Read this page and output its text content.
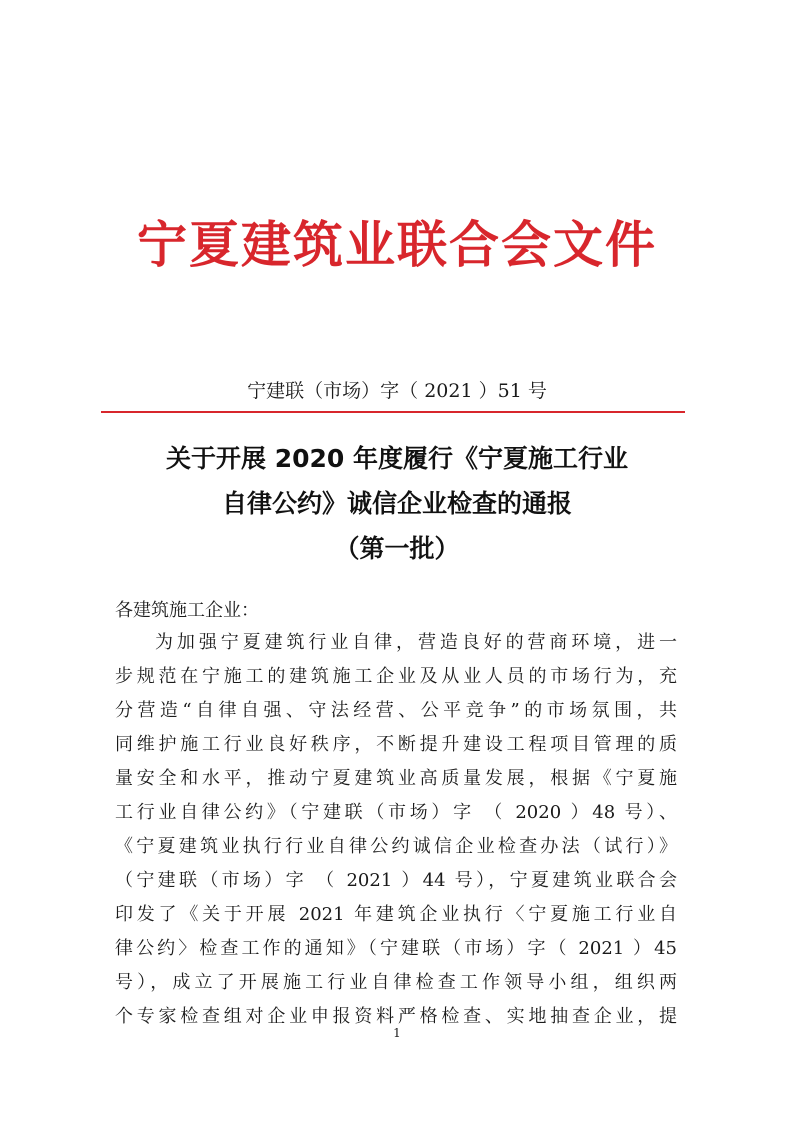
宁夏建筑业联合会文件
宁建联（市场）字（ 2021 ）51 号
关于开展 2020 年度履行《宁夏施工行业
自律公约》诚信企业检查的通报
（第一批）
各建筑施工企业：
为加强宁夏建筑行业自律，营造良好的营商环境，进一
步规范在宁施工的建筑施工企业及从业人员的市场行为，充
分营造“自律自强、守法经营、公平竞争”的市场氛围，共
同维护施工行业良好秩序，不断提升建设工程项目管理的质
量安全和水平，推动宁夏建筑业高质量发展，根据《宁夏施
工行业自律公约》（宁建联（市场）字 （ 2020 ）48 号）、
《宁夏建筑业执行行业自律公约诚信企业检查办法（试行）》
（宁建联（市场）字 （ 2021 ）44 号），宁夏建筑业联合会
印发了《关于开展 2021 年建筑企业执行〈宁夏施工行业自
律公约〉检查工作的通知》（宁建联（市场）字（ 2021 ）45
号），成立了开展施工行业自律检查工作领导小组，组织两
个专家检查组对企业申报资料严格检查、实地抽查企业，提
1
